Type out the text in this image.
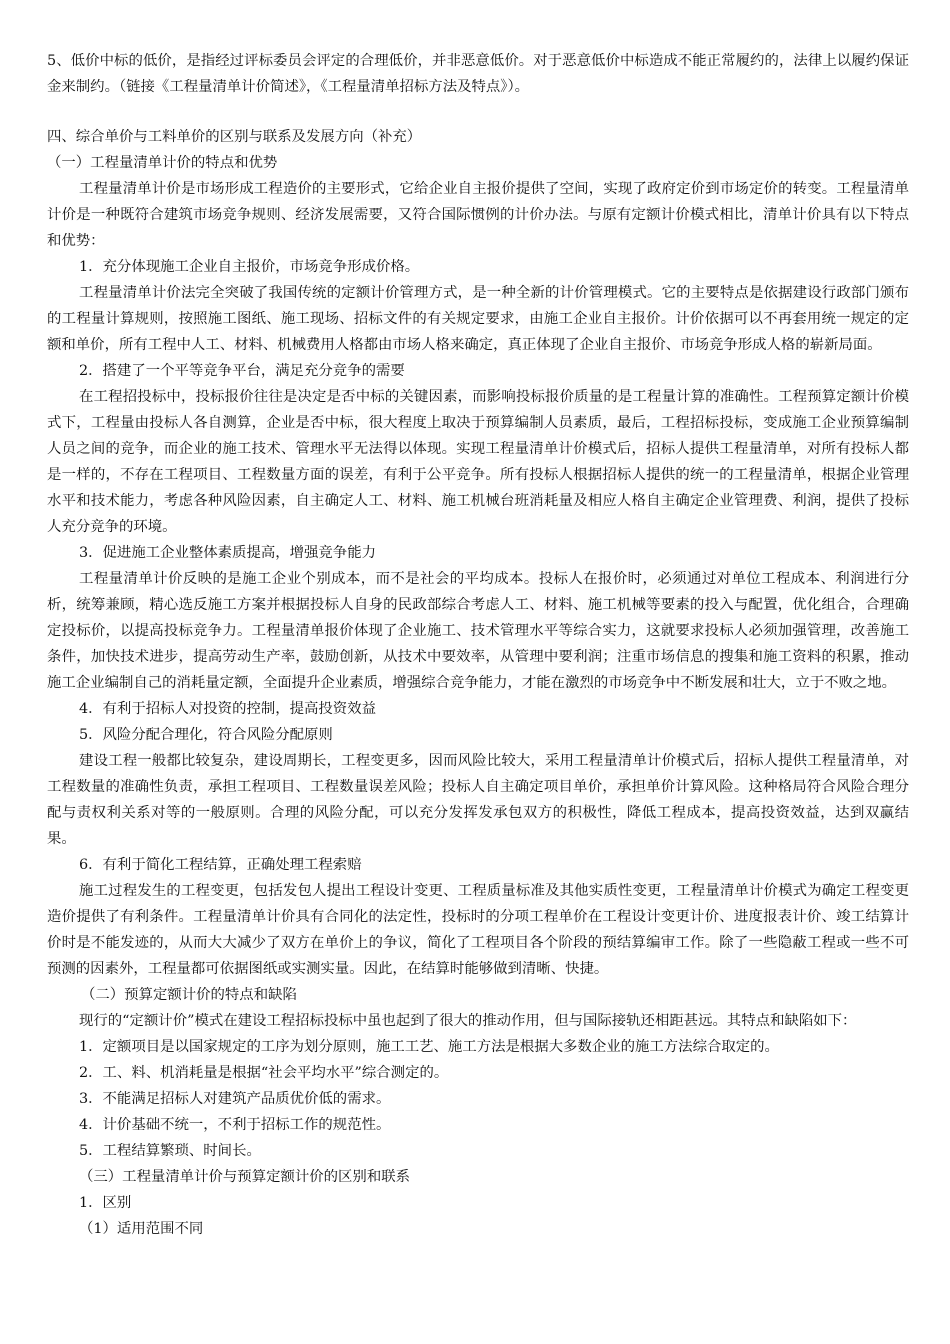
5、低价中标的低价，是指经过评标委员会评定的合理低价，并非恶意低价。对于恶意低价中标造成不能正常履约的，法律上以履约保证金来制约。（链接《工程量清单计价简述》，《工程量清单招标方法及特点》）。

四、综合单价与工料单价的区别与联系及发展方向（补充）

（一）工程量清单计价的特点和优势

工程量清单计价是市场形成工程造价的主要形式，它给企业自主报价提供了空间，实现了政府定价到市场定价的转变。工程量清单计价是一种既符合建筑市场竞争规则、经济发展需要，又符合国际惯例的计价办法。与原有定额计价模式相比，清单计价具有以下特点和优势：

1．充分体现施工企业自主报价，市场竞争形成价格。

工程量清单计价法完全突破了我国传统的定额计价管理方式，是一种全新的计价管理模式。它的主要特点是依据建设行政部门颁布的工程量计算规则，按照施工图纸、施工现场、招标文件的有关规定要求，由施工企业自主报价。计价依据可以不再套用统一规定的定额和单价，所有工程中人工、材料、机械费用人格都由市场人格来确定，真正体现了企业自主报价、市场竞争形成人格的崭新局面。

2．搭建了一个平等竞争平台，满足充分竞争的需要

在工程招投标中，投标报价往往是决定是否中标的关键因素，而影响投标报价质量的是工程量计算的准确性。工程预算定额计价模式下，工程量由投标人各自测算，企业是否中标，很大程度上取决于预算编制人员素质，最后，工程招标投标，变成施工企业预算编制人员之间的竞争，而企业的施工技术、管理水平无法得以体现。实现工程量清单计价模式后，招标人提供工程量清单，对所有投标人都是一样的，不存在工程项目、工程数量方面的误差，有利于公平竞争。所有投标人根据招标人提供的统一的工程量清单，根据企业管理水平和技术能力，考虑各种风险因素，自主确定人工、材料、施工机械台班消耗量及相应人格自主确定企业管理费、利润，提供了投标人充分竞争的环境。

3．促进施工企业整体素质提高，增强竞争能力

工程量清单计价反映的是施工企业个别成本，而不是社会的平均成本。投标人在报价时，必须通过对单位工程成本、利润进行分析，统筹兼顾，精心选反施工方案并根据投标人自身的民政部综合考虑人工、材料、施工机械等要素的投入与配置，优化组合，合理确定投标价，以提高投标竞争力。工程量清单报价体现了企业施工、技术管理水平等综合实力，这就要求投标人必须加强管理，改善施工条件，加快技术进步，提高劳动生产率，鼓励创新，从技术中要效率，从管理中要利润；注重市场信息的搜集和施工资料的积累，推动施工企业编制自己的消耗量定额，全面提升企业素质，增强综合竞争能力，才能在激烈的市场竞争中不断发展和壮大，立于不败之地。

4．有利于招标人对投资的控制，提高投资效益

5．风险分配合理化，符合风险分配原则

建设工程一般都比较复杂，建设周期长，工程变更多，因而风险比较大，采用工程量清单计价模式后，招标人提供工程量清单，对工程数量的准确性负责，承担工程项目、工程数量误差风险；投标人自主确定项目单价，承担单价计算风险。这种格局符合风险合理分配与责权利关系对等的一般原则。合理的风险分配，可以充分发挥发承包双方的积极性，降低工程成本，提高投资效益，达到双赢结果。

6．有利于简化工程结算，正确处理工程索赔

施工过程发生的工程变更，包括发包人提出工程设计变更、工程质量标准及其他实质性变更，工程量清单计价模式为确定工程变更造价提供了有利条件。工程量清单计价具有合同化的法定性，投标时的分项工程单价在工程设计变更计价、进度报表计价、竣工结算计价时是不能发迹的，从而大大减少了双方在单价上的争议，简化了工程项目各个阶段的预结算编审工作。除了一些隐蔽工程或一些不可预测的因素外，工程量都可依据图纸或实测实量。因此，在结算时能够做到清晰、快捷。

（二）预算定额计价的特点和缺陷

现行的“定额计价”模式在建设工程招标投标中虽也起到了很大的推动作用，但与国际接轨还相距甚远。其特点和缺陷如下：

1．定额项目是以国家规定的工序为划分原则，施工工艺、施工方法是根据大多数企业的施工方法综合取定的。

2．工、料、机消耗量是根据“社会平均水平”综合测定的。

3．不能满足招标人对建筑产品质优价低的需求。

4．计价基础不统一，不利于招标工作的规范性。

5．工程结算繁琐、时间长。

（三）工程量清单计价与预算定额计价的区别和联系

1．区别

（1）适用范围不同
